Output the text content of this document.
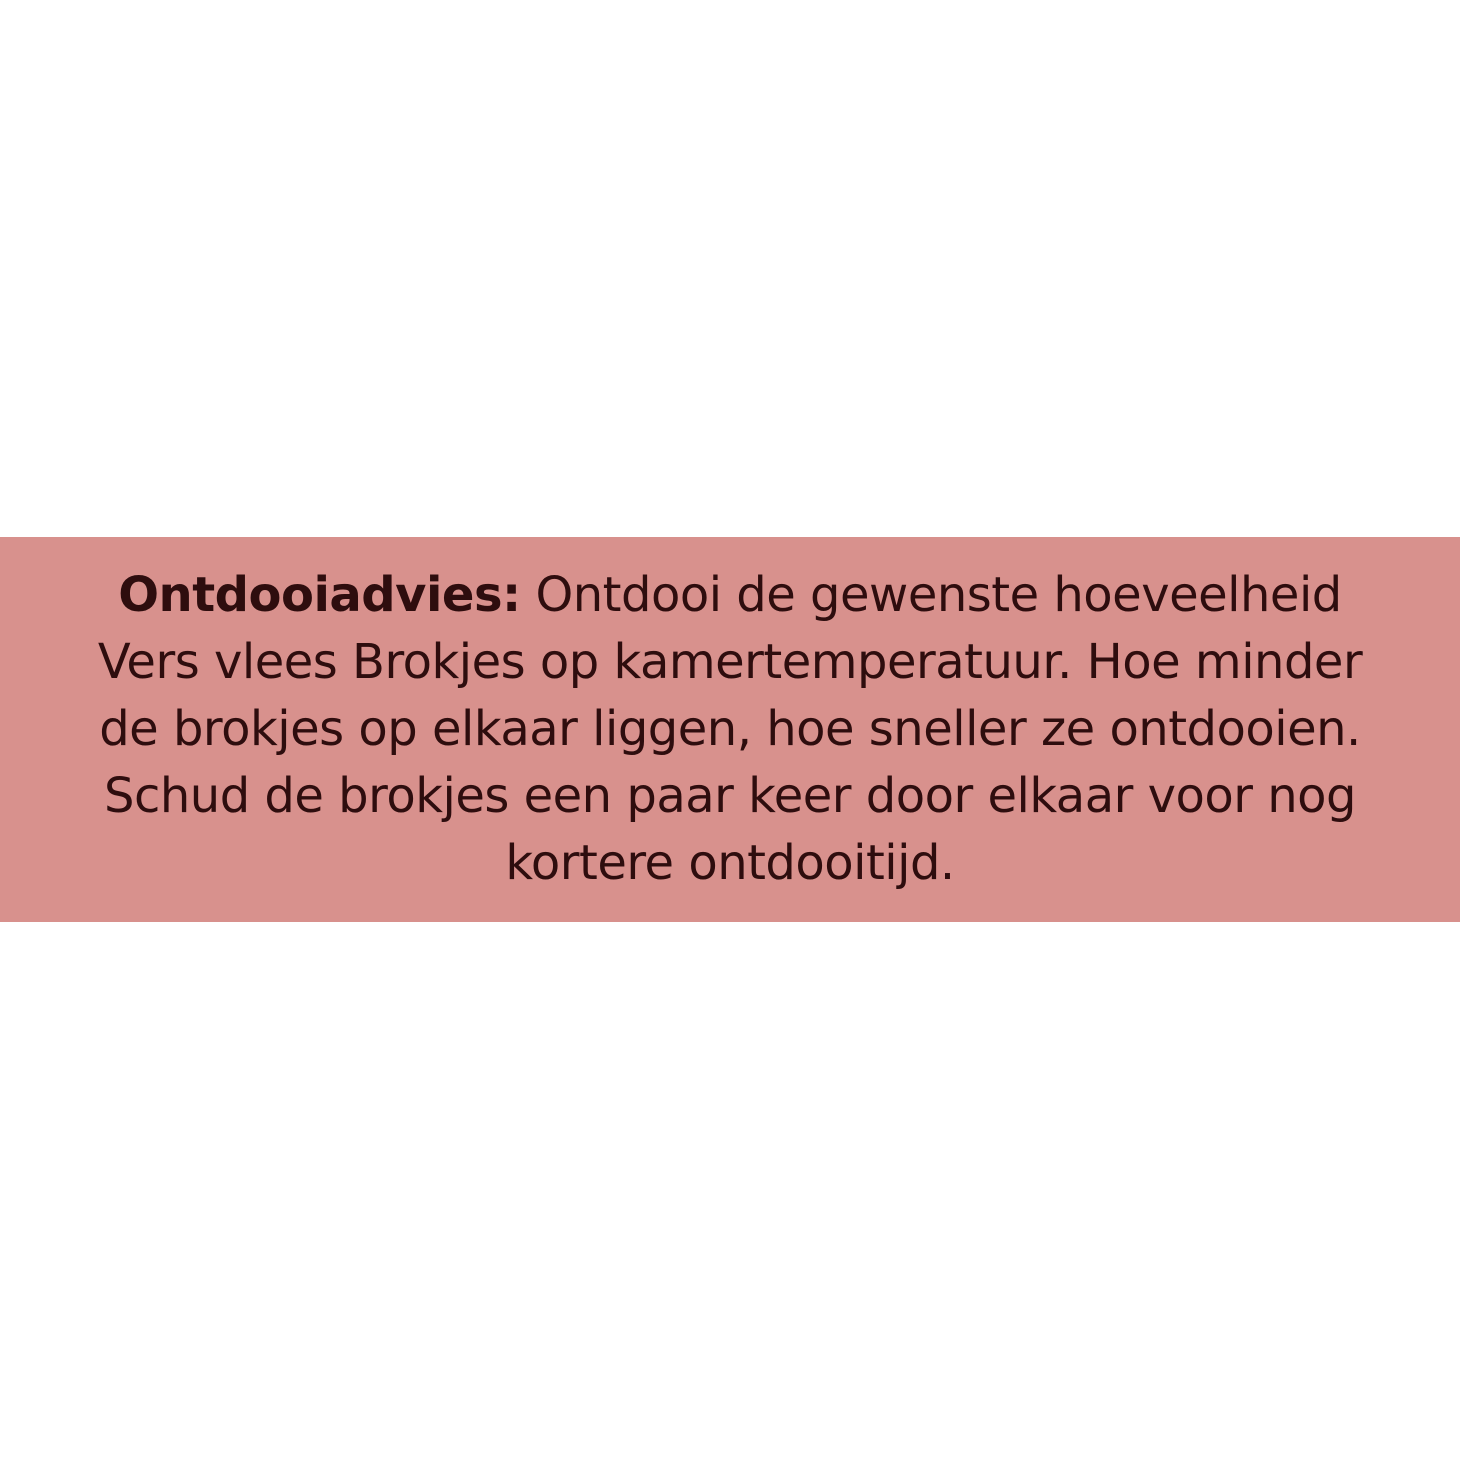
Ontdooiadvies: Ontdooi de gewenste hoeveelheid

Vers vlees Brokjes op kamertemperatuur. Hoe minder

de brokjes op elkaar liggen, hoe sneller ze ontdooien.

Schud de brokjes een paar keer door elkaar voor nog

kortere ontdooitijd.
